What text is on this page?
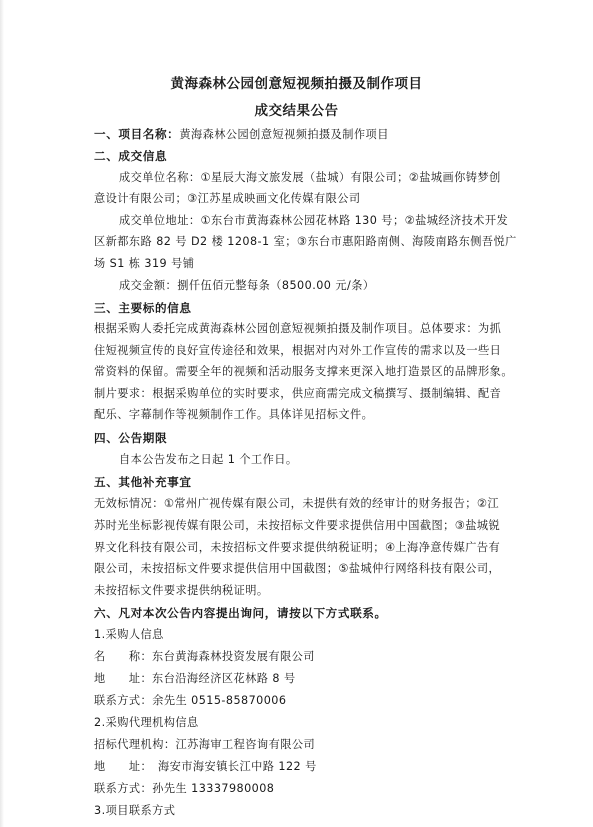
黄海森林公园创意短视频拍摄及制作项目
成交结果公告
一、项目名称：黄海森林公园创意短视频拍摄及制作项目
二、成交信息
成交单位名称：①星辰大海文旅发展（盐城）有限公司；②盐城画你铸梦创
意设计有限公司；③江苏星成映画文化传媒有限公司
成交单位地址：①东台市黄海森林公园花林路 130 号；②盐城经济技术开发
区新都东路 82 号 D2 楼 1208-1 室；③东台市惠阳路南侧、海陵南路东侧吾悦广
场 S1 栋 319 号铺
成交金额：捌仟伍佰元整每条（8500.00 元/条）
三、主要标的信息
根据采购人委托完成黄海森林公园创意短视频拍摄及制作项目。总体要求：为抓
住短视频宣传的良好宣传途径和效果，根据对内对外工作宣传的需求以及一些日
常资料的保留。需要全年的视频和活动服务支撑来更深入地打造景区的品牌形象。
制片要求：根据采购单位的实时要求，供应商需完成文稿撰写、摄制编辑、配音
配乐、字幕制作等视频制作工作。具体详见招标文件。
四、公告期限
自本公告发布之日起 1 个工作日。
五、其他补充事宜
无效标情况：①常州广视传媒有限公司，未提供有效的经审计的财务报告；②江
苏时光坐标影视传媒有限公司，未按招标文件要求提供信用中国截图；③盐城锐
界文化科技有限公司，未按招标文件要求提供纳税证明；④上海净意传媒广告有
限公司，未按招标文件要求提供信用中国截图；⑤盐城仲行网络科技有限公司，
未按招标文件要求提供纳税证明。
六、凡对本次公告内容提出询问，请按以下方式联系。
1.采购人信息
名　　称：东台黄海森林投资发展有限公司
地　　址：东台沿海经济区花林路 8 号
联系方式：余先生 0515-85870006
2.采购代理机构信息
招标代理机构：江苏海审工程咨询有限公司
地　　址： 海安市海安镇长江中路 122 号
联系方式：孙先生 13337980008
3.项目联系方式
